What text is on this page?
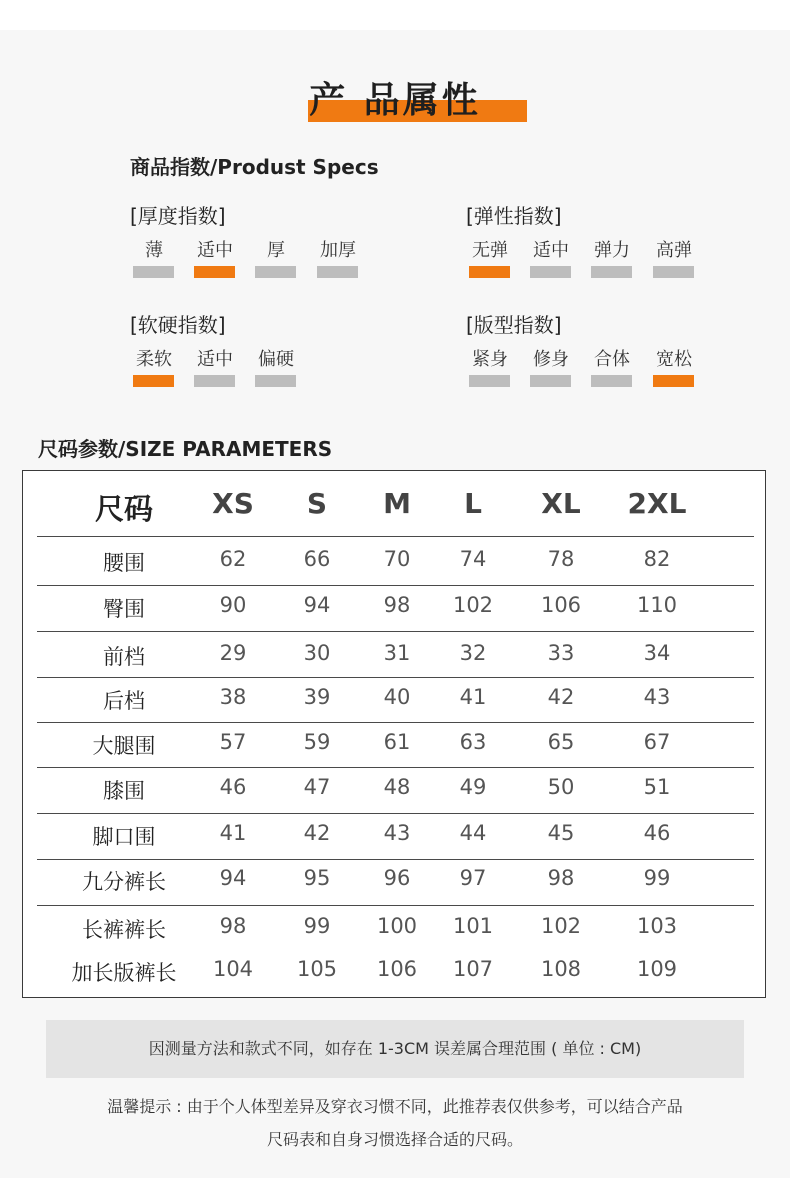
产 品属性
商品指数/Produst Specs
[厚度指数]
薄	适中	厚	加厚
[弹性指数]
无弹 适中 弹力 高弹
[软硬指数]
柔软 适中 偏硬
[版型指数]
紧身 修身 合体 宽松
尺码参数/SIZE PARAMETERS
尺码	XS	S	M	L	XL	2XL
腰围	62	66	70	74	78	82
臀围	90	94	98	102	106	110
前档	29	30	31	32	33	34
后档	38	39	40	41	42	43
大腿围	57	59	61	63	65	67
膝围	46	47	48	49	50	51
脚口围	41	42	43	44	45	46
九分裤长	94	95	96	97	98	99
长裤裤长	98	99	100	101	102	103
加长版裤长	104	105	106	107	108	109
因测量方法和款式不同，如存在 1-3CM 误差属合理范围 ( 单位 : CM)
温馨提示 : 由于个人体型差异及穿衣习惯不同，此推荐表仅供参考，可以结合产品
尺码表和自身习惯选择合适的尺码。
